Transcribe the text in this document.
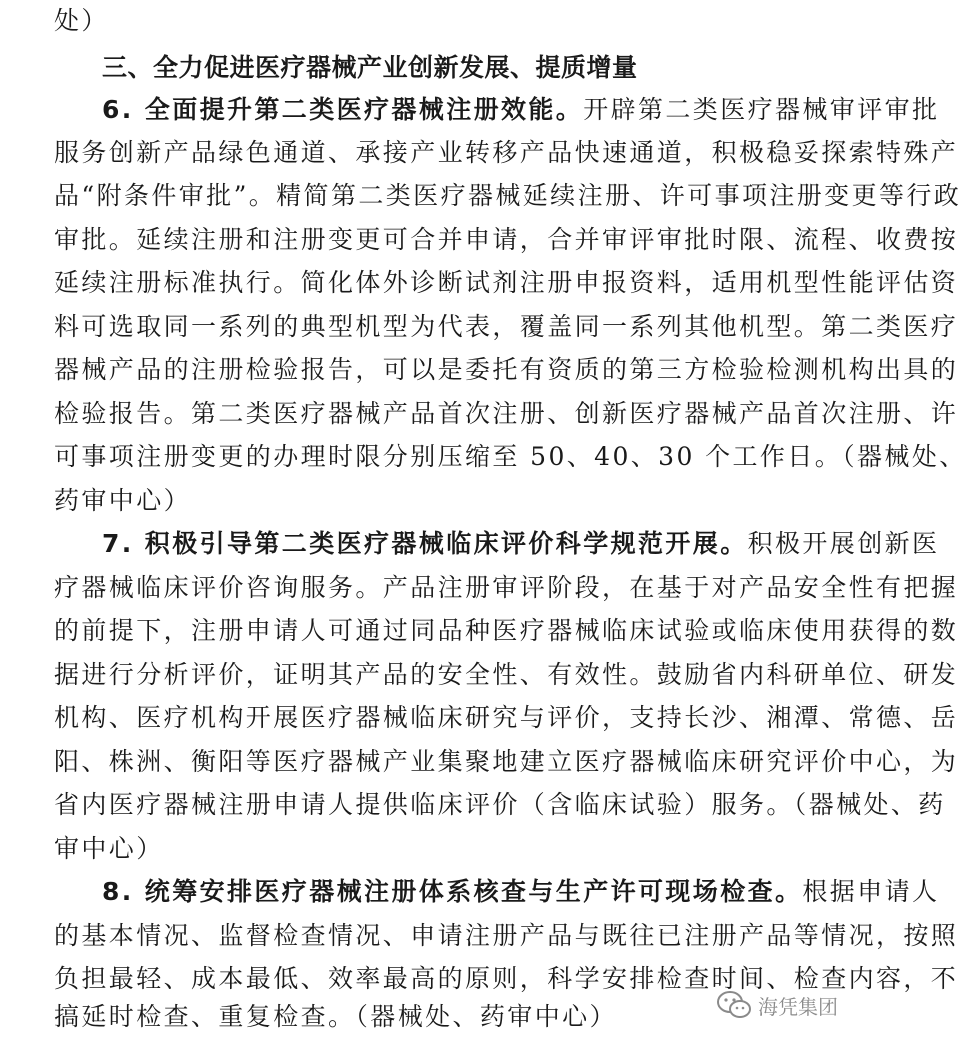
处）
三、全力促进医疗器械产业创新发展、提质增量
6. 全面提升第二类医疗器械注册效能。开辟第二类医疗器械审评审批
服务创新产品绿色通道、承接产业转移产品快速通道，积极稳妥探索特殊产
品“附条件审批”。精简第二类医疗器械延续注册、许可事项注册变更等行政
审批。延续注册和注册变更可合并申请，合并审评审批时限、流程、收费按
延续注册标准执行。简化体外诊断试剂注册申报资料，适用机型性能评估资
料可选取同一系列的典型机型为代表，覆盖同一系列其他机型。第二类医疗
器械产品的注册检验报告，可以是委托有资质的第三方检验检测机构出具的
检验报告。第二类医疗器械产品首次注册、创新医疗器械产品首次注册、许
可事项注册变更的办理时限分别压缩至 50、40、30 个工作日。（器械处、
药审中心）
7. 积极引导第二类医疗器械临床评价科学规范开展。积极开展创新医
疗器械临床评价咨询服务。产品注册审评阶段，在基于对产品安全性有把握
的前提下，注册申请人可通过同品种医疗器械临床试验或临床使用获得的数
据进行分析评价，证明其产品的安全性、有效性。鼓励省内科研单位、研发
机构、医疗机构开展医疗器械临床研究与评价，支持长沙、湘潭、常德、岳
阳、株洲、衡阳等医疗器械产业集聚地建立医疗器械临床研究评价中心，为
省内医疗器械注册申请人提供临床评价（含临床试验）服务。（器械处、药
审中心）
8. 统筹安排医疗器械注册体系核查与生产许可现场检查。根据申请人
的基本情况、监督检查情况、申请注册产品与既往已注册产品等情况，按照
负担最轻、成本最低、效率最高的原则，科学安排检查时间、检查内容，不
搞延时检查、重复检查。（器械处、药审中心）	海凭集团
